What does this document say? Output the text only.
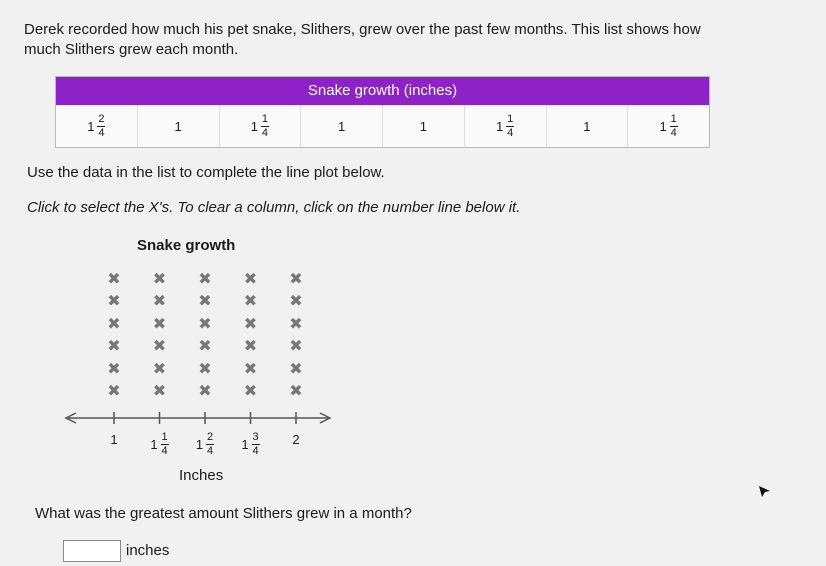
Derek recorded how much his pet snake, Slithers, grew over the past few months. This list shows how much Slithers grew each month.
Snake growth (inches)
$1 \frac{2}{4}$	1	$1 \frac{1}{4}$	1	1	$1 \frac{1}{4}$	1	$1 \frac{1}{4}$
Use the data in the list to complete the line plot below.
Click to select the X's. To clear a column, click on the number line below it.
Snake growth
✖
✖
✖
✖
✖
✖
✖
✖
✖
✖
✖
✖
✖
✖
✖
✖
✖
✖
✖
✖
✖
✖
✖
✖
✖
✖
✖
✖
✖
✖
Inches
What was the greatest amount Slithers grew in a month?
inches
1	$1 \frac{1}{4} 1 \frac{2}{4} 1 \frac{3}{4}$	2
